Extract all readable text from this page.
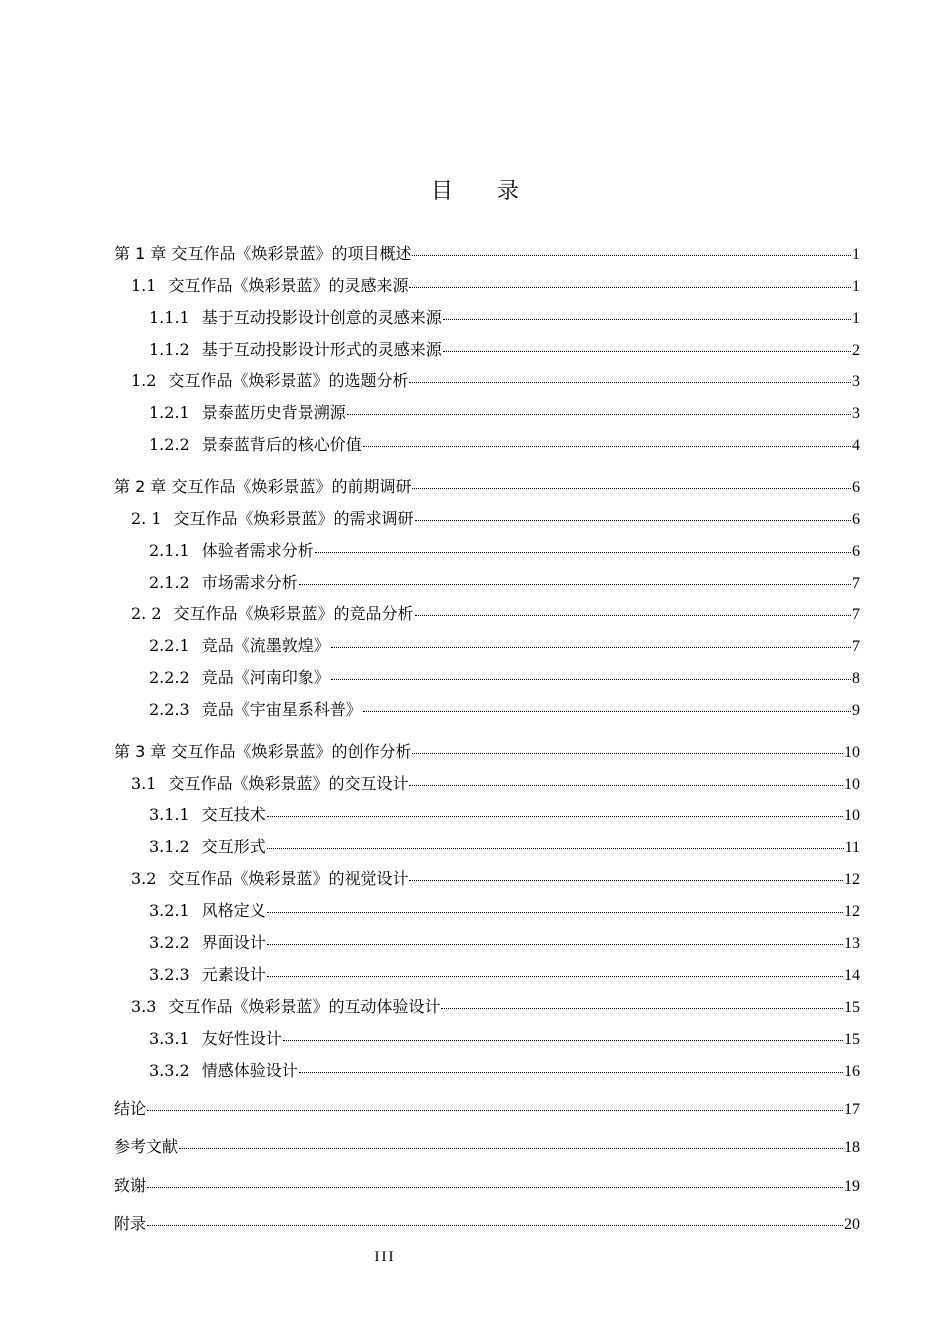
目 录
第 1 章 交互作品《焕彩景蓝》的项目概述	1
1.1 交互作品《焕彩景蓝》的灵感来源	1
1.1.1 基于互动投影设计创意的灵感来源	1
1.1.2 基于互动投影设计形式的灵感来源	2
1.2 交互作品《焕彩景蓝》的选题分析	3
1.2.1 景泰蓝历史背景溯源	3
1.2.2 景泰蓝背后的核心价值	4
第 2 章 交互作品《焕彩景蓝》的前期调研	6
2. 1 交互作品《焕彩景蓝》的需求调研	6
2.1.1 体验者需求分析	6
2.1.2 市场需求分析	7
2. 2 交互作品《焕彩景蓝》的竞品分析	7
2.2.1 竞品《流墨敦煌》	7
2.2.2 竞品《河南印象》	8
2.2.3 竞品《宇宙星系科普》	9
第 3 章 交互作品《焕彩景蓝》的创作分析	10
3.1 交互作品《焕彩景蓝》的交互设计	10
3.1.1 交互技术	10
3.1.2 交互形式	11
3.2 交互作品《焕彩景蓝》的视觉设计	12
3.2.1 风格定义	12
3.2.2 界面设计	13
3.2.3 元素设计	14
3.3 交互作品《焕彩景蓝》的互动体验设计	15
3.3.1 友好性设计	15
3.3.2 情感体验设计	16
结论	17
参考文献	18
致谢	19
附录	20
III
